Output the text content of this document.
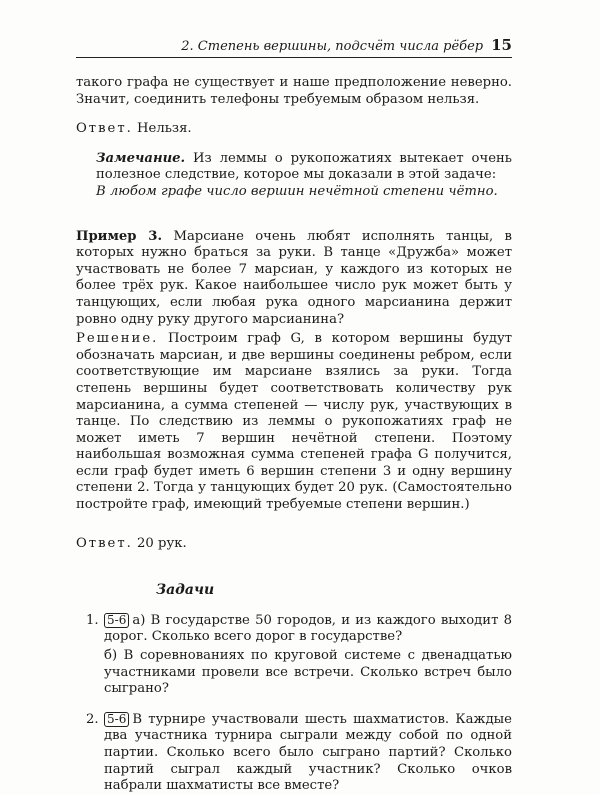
2. Степень вершины, подсчёт числа рёбер 15

такого графа не существует и наше предположение неверно. Значит, соединить телефоны требуемым образом нельзя.

Ответ. Нельзя.

Замечание. Из леммы о рукопожатиях вытекает очень полезное следствие, которое мы доказали в этой задаче:

В любом графе число вершин нечётной степени чётно.

Пример 3. Марсиане очень любят исполнять танцы, в которых нужно браться за руки. В танце «Дружба» может участвовать не более 7 марсиан, у каждого из которых не более трёх рук. Какое наибольшее число рук может быть у танцующих, если любая рука одного марсианина держит ровно одну руку другого марсианина?

Решение. Построим граф G, в котором вершины будут обозначать марсиан, и две вершины соединены ребром, если соответствующие им марсиане взялись за руки. Тогда степень вершины будет соответствовать количеству рук марсианина, а сумма степеней — числу рук, участвующих в танце. По следствию из леммы о рукопожатиях граф не может иметь 7 вершин нечётной степени. Поэтому наибольшая возможная сумма степеней графа G получится, если граф будет иметь 6 вершин степени 3 и одну вершину степени 2. Тогда у танцующих будет 20 рук. (Самостоятельно постройте граф, имеющий требуемые степени вершин.)

Ответ. 20 рук.

Задачи

1. 5-6 а) В государстве 50 городов, и из каждого выходит 8 дорог. Сколько всего дорог в государстве?

б) В соревнованиях по круговой системе с двенадцатью участниками провели все встречи. Сколько встреч было сыграно?

2. 5-6 В турнире участвовали шесть шахматистов. Каждые два участника турнира сыграли между собой по одной партии. Сколько всего было сыграно партий? Сколько партий сыграл каждый участник? Сколько очков набрали шахматисты все вместе?
